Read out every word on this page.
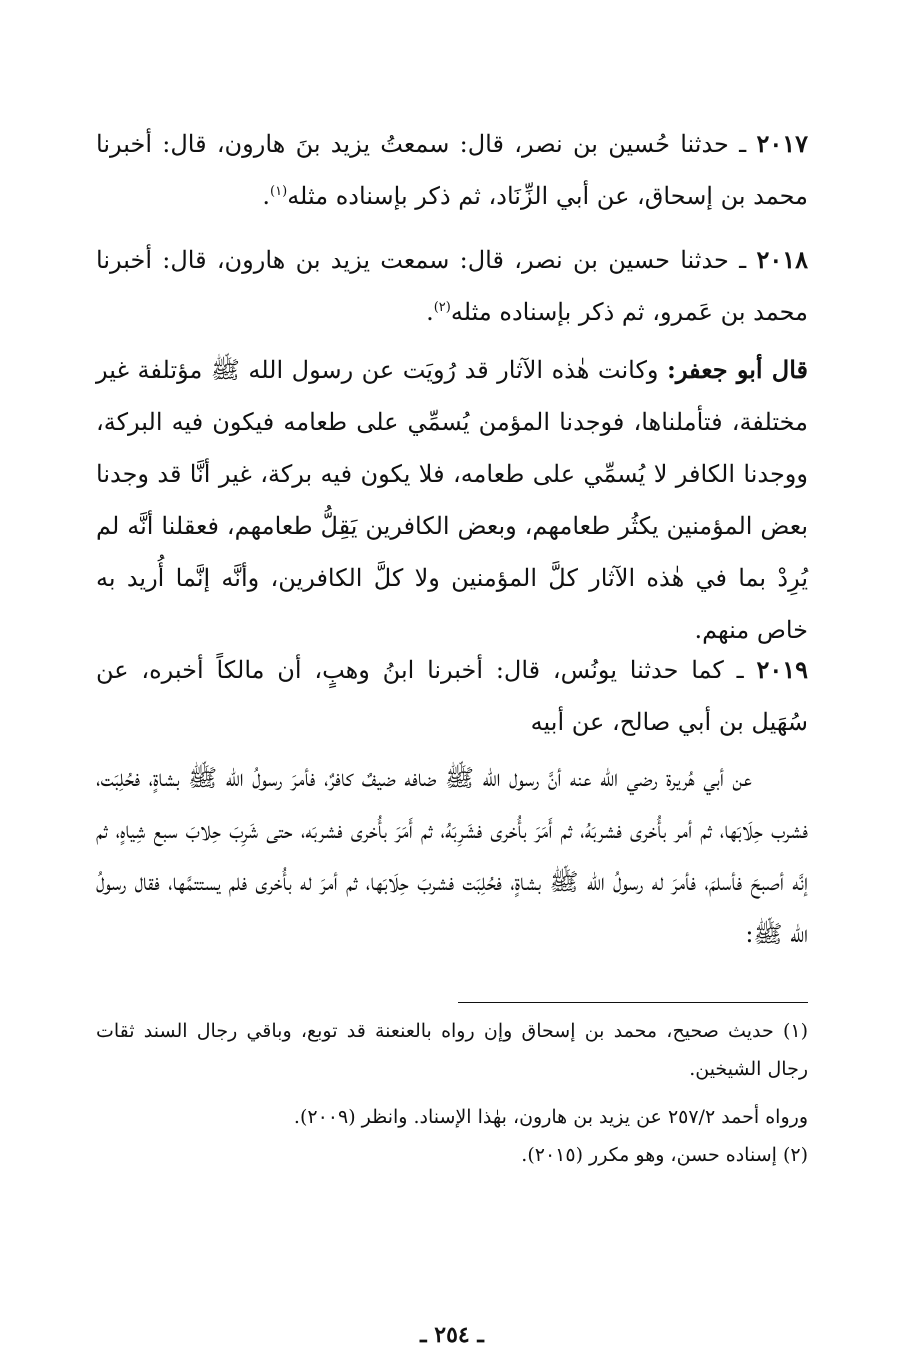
٢٠١٧ ـ حدثنا حُسين بن نصر، قال: سمعتُ يزيد بنَ هارون، قال: أخبرنا محمد بن إسحاق، عن أبي الزِّنَاد، ثم ذكر بإسناده مثله$^{(١)}$.

٢٠١٨ ـ حدثنا حسين بن نصر، قال: سمعت يزيد بن هارون، قال: أخبرنا محمد بن عَمرو، ثم ذكر بإسناده مثله$^{(٢)}$.

قال أبو جعفر: وكانت هٰذه الآثار قد رُويَت عن رسول الله ﷺ مؤتلفة غير مختلفة، فتأملناها، فوجدنا المؤمن يُسمِّي على طعامه فيكون فيه البركة، ووجدنا الكافر لا يُسمِّي على طعامه، فلا يكون فيه بركة، غير أنَّا قد وجدنا بعض المؤمنين يكثُر طعامهم، وبعض الكافرين يَقِلُّ طعامهم، فعقلنا أنَّه لم يُرِدْ بما في هٰذه الآثار كلَّ المؤمنين ولا كلَّ الكافرين، وأنَّه إنَّما أُريد به خاص منهم.

٢٠١٩ ـ كما حدثنا يونُس، قال: أخبرنا ابنُ وهبٍ، أن مالكاً أخبره، عن سُهَيل بن أبي صالح، عن أبيه

عن أبي هُريرة رضي الله عنه أنَّ رسول الله ﷺ ضافه ضيفٌ كافرٌ، فأمرَ رسولُ الله ﷺ بشاةٍ، فحُلِبَت، فشرب حِلَابَها، ثم أمر بأُخرى فشربَهُ، ثم أَمَرَ بأُخرى فشَرِبَهُ، ثم أَمَرَ بأُخرى فشربَه، حتى شَرِبَ حِلابَ سبع شِياهٍ، ثم إنَّه أصبحَ فأسلمَ، فأمرَ له رسولُ الله ﷺ بشاةٍ، فحُلِبَت فشربَ حِلَابَها، ثم أمرَ له بأُخرى فلم يستتمَّها، فقال رسولُ الله ﷺ:

(١) حديث صحيح، محمد بن إسحاق وإن رواه بالعنعنة قد توبع، وباقي رجال السند ثقات رجال الشيخين.

ورواه أحمد ٢٥٧/٢ عن يزيد بن هارون، بهٰذا الإسناد. وانظر (٢٠٠٩).

(٢) إسناده حسن، وهو مكرر (٢٠١٥).

ـ ٢٥٤ ـ
